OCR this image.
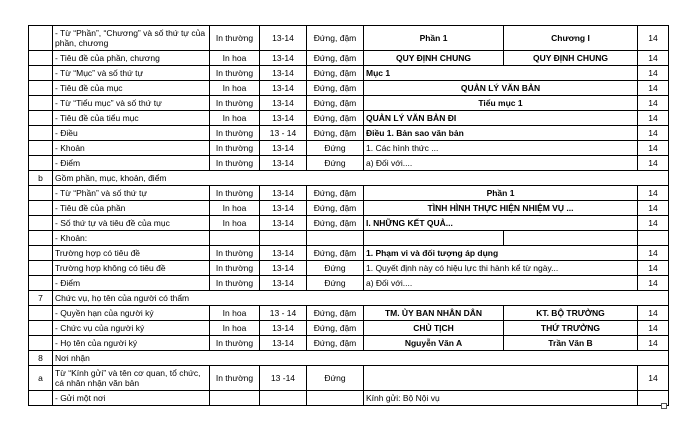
	- Từ “Phần”, “Chương” và số thứ tự của phần, chương	In thường	13-14	Đứng, đậm	Phần 1	Chương I	14
	- Tiêu đề của phần, chương	In hoa	13-14	Đứng, đậm	QUY ĐỊNH CHUNG	QUY ĐỊNH CHUNG	14
	- Từ “Mục” và số thứ tự	In thường	13-14	Đứng, đậm	Mục 1		14
	- Tiêu đề của mục	In hoa	13-14	Đứng, đậm	QUẢN LÝ VĂN BẢN		14
	- Từ “Tiểu mục” và số thứ tự	In thường	13-14	Đứng, đậm	Tiểu mục 1		14
	- Tiêu đề của tiểu mục	In hoa	13-14	Đứng, đậm	QUẢN LÝ VĂN BẢN ĐI		14
	- Điều	In thường	13 - 14	Đứng, đậm	Điều 1. Bản sao văn bản		14
	- Khoản	In thường	13-14	Đứng	1. Các hình thức ...		14
	- Điểm	In thường	13-14	Đứng	a) Đối với....		14
b	Gồm phần, mục, khoản, điểm						
	- Từ “Phần” và số thứ tự	In thường	13-14	Đứng, đậm	Phần 1		14
	- Tiêu đề của phần	In hoa	13-14	Đứng, đậm	TÌNH HÌNH THỰC HIỆN NHIỆM VỤ ...		14
	- Số thứ tự và tiêu đề của mục	In hoa	13-14	Đứng, đậm	I. NHỮNG KẾT QUẢ...		14
	- Khoản:						
	Trường hợp có tiêu đề	In thường	13-14	Đứng, đậm	1. Phạm vi và đối tượng áp dụng		14
	Trường hợp không có tiêu đề	In thường	13-14	Đứng	1. Quyết định này có hiệu lực thi hành kể từ ngày...		14
	- Điểm	In thường	13-14	Đứng	a) Đối với....		14
7	Chức vụ, họ tên của người có thẩm						
	- Quyền hạn của người ký	In hoa	13 - 14	Đứng, đậm	TM. ỦY BAN NHÂN DÂN	KT. BỘ TRƯỞNG	14
	- Chức vụ của người ký	In hoa	13-14	Đứng, đậm	CHỦ TỊCH	THỨ TRƯỞNG	14
	- Họ tên của người ký	In thường	13-14	Đứng, đậm	Nguyễn Văn A	Trần Văn B	14
8	Nơi nhận						
a	Từ “Kính gửi” và tên cơ quan, tổ chức, cá nhân nhận văn bản	In thường	13 -14	Đứng			14
	- Gửi một nơi				Kính gửi: Bộ Nội vụ		
